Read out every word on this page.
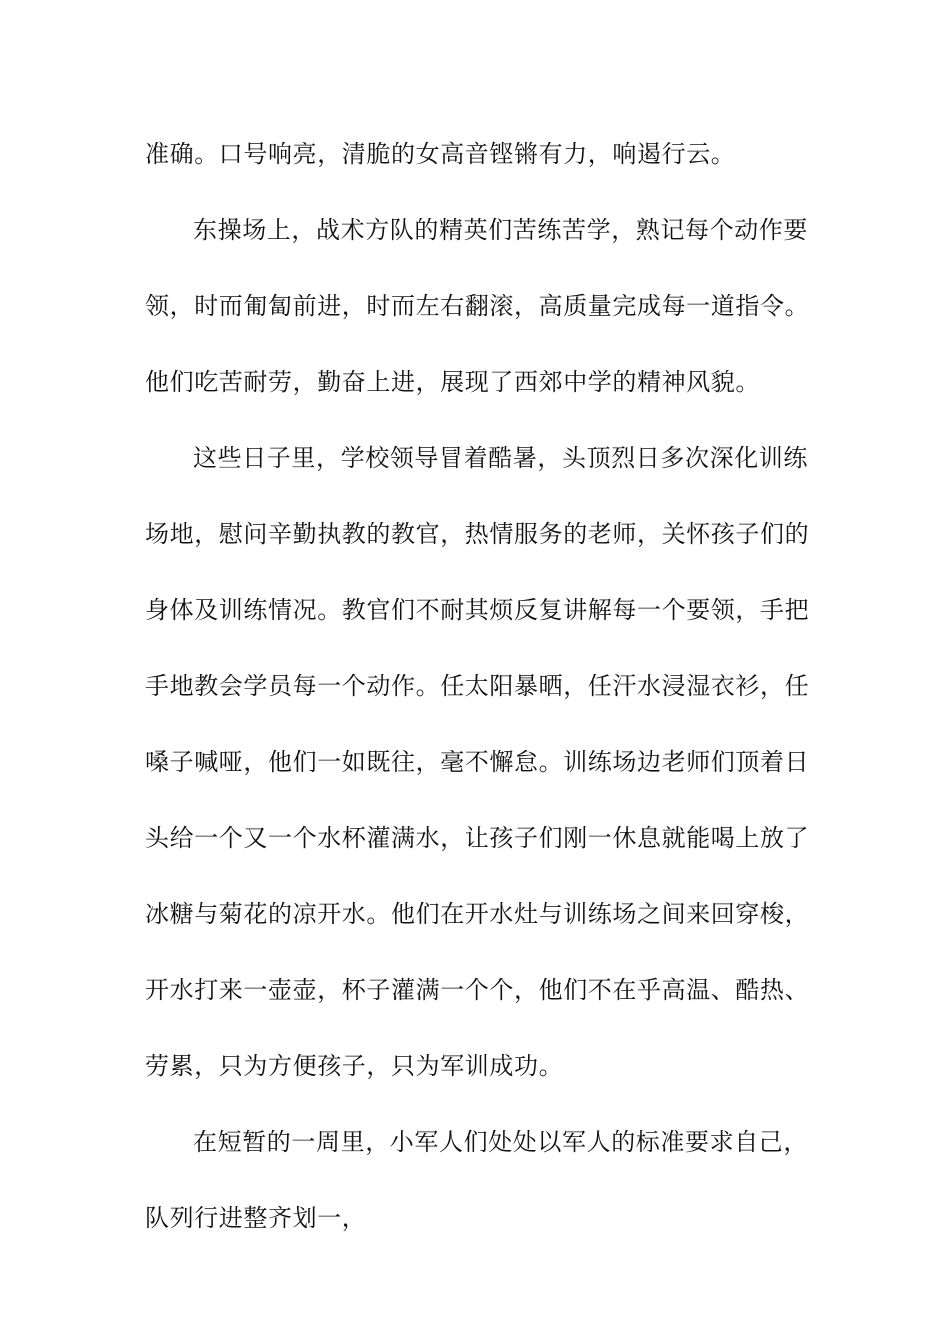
准确。口号响亮，清脆的女高音铿锵有力，响遏行云。
东操场上，战术方队的精英们苦练苦学，熟记每个动作要
领，时而匍匐前进，时而左右翻滚，高质量完成每一道指令。
他们吃苦耐劳，勤奋上进，展现了西郊中学的精神风貌。
这些日子里，学校领导冒着酷暑，头顶烈日多次深化训练
场地，慰问辛勤执教的教官，热情服务的老师，关怀孩子们的
身体及训练情况。教官们不耐其烦反复讲解每一个要领，手把
手地教会学员每一个动作。任太阳暴晒，任汗水浸湿衣衫，任
嗓子喊哑，他们一如既往，毫不懈怠。训练场边老师们顶着日
头给一个又一个水杯灌满水，让孩子们刚一休息就能喝上放了
冰糖与菊花的凉开水。他们在开水灶与训练场之间来回穿梭，
开水打来一壶壶，杯子灌满一个个，他们不在乎高温、酷热、
劳累，只为方便孩子，只为军训成功。
在短暂的一周里，小军人们处处以军人的标准要求自己，
队列行进整齐划一，
